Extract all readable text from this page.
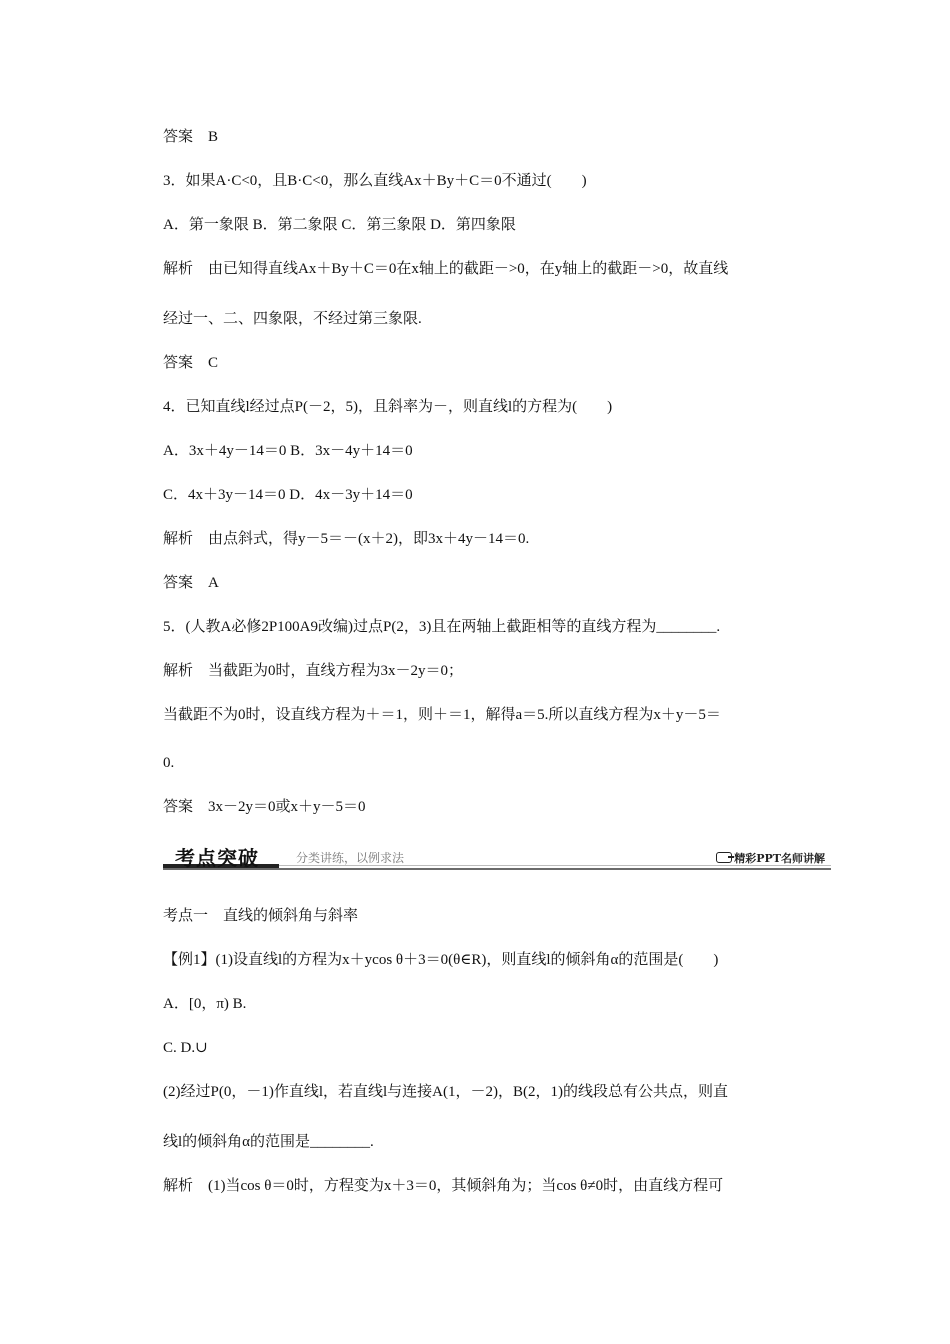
答案　B
3．如果A·C<0，且B·C<0，那么直线Ax＋By＋C＝0不通过(　　)
A．第一象限 B．第二象限 C．第三象限 D．第四象限
解析　由已知得直线Ax＋By＋C＝0在x轴上的截距－>0，在y轴上的截距－>0，故直线
经过一、二、四象限，不经过第三象限.
答案　C
4．已知直线l经过点P(－2，5)，且斜率为－，则直线l的方程为(　　)
A．3x＋4y－14＝0 B．3x－4y＋14＝0
C．4x＋3y－14＝0 D．4x－3y＋14＝0
解析　由点斜式，得y－5＝－(x＋2)，即3x＋4y－14＝0.
答案　A
5．(人教A必修2P100A9改编)过点P(2，3)且在两轴上截距相等的直线方程为________.
解析　当截距为0时，直线方程为3x－2y＝0；
当截距不为0时，设直线方程为＋＝1，则＋＝1，解得a＝5.所以直线方程为x＋y－5＝
0.
答案　3x－2y＝0或x＋y－5＝0
考点一　直线的倾斜角与斜率
【例1】(1)设直线l的方程为x＋ycos θ＋3＝0(θ∈R)，则直线l的倾斜角α的范围是(　　)
A．[0，π) B.
C. D.∪
(2)经过P(0，－1)作直线l，若直线l与连接A(1，－2)，B(2，1)的线段总有公共点，则直
线l的倾斜角α的范围是________.
解析　(1)当cos θ＝0时，方程变为x＋3＝0，其倾斜角为；当cos θ≠0时，由直线方程可
考点突破	分类讲练，以例求法	精彩PPT名师讲解
